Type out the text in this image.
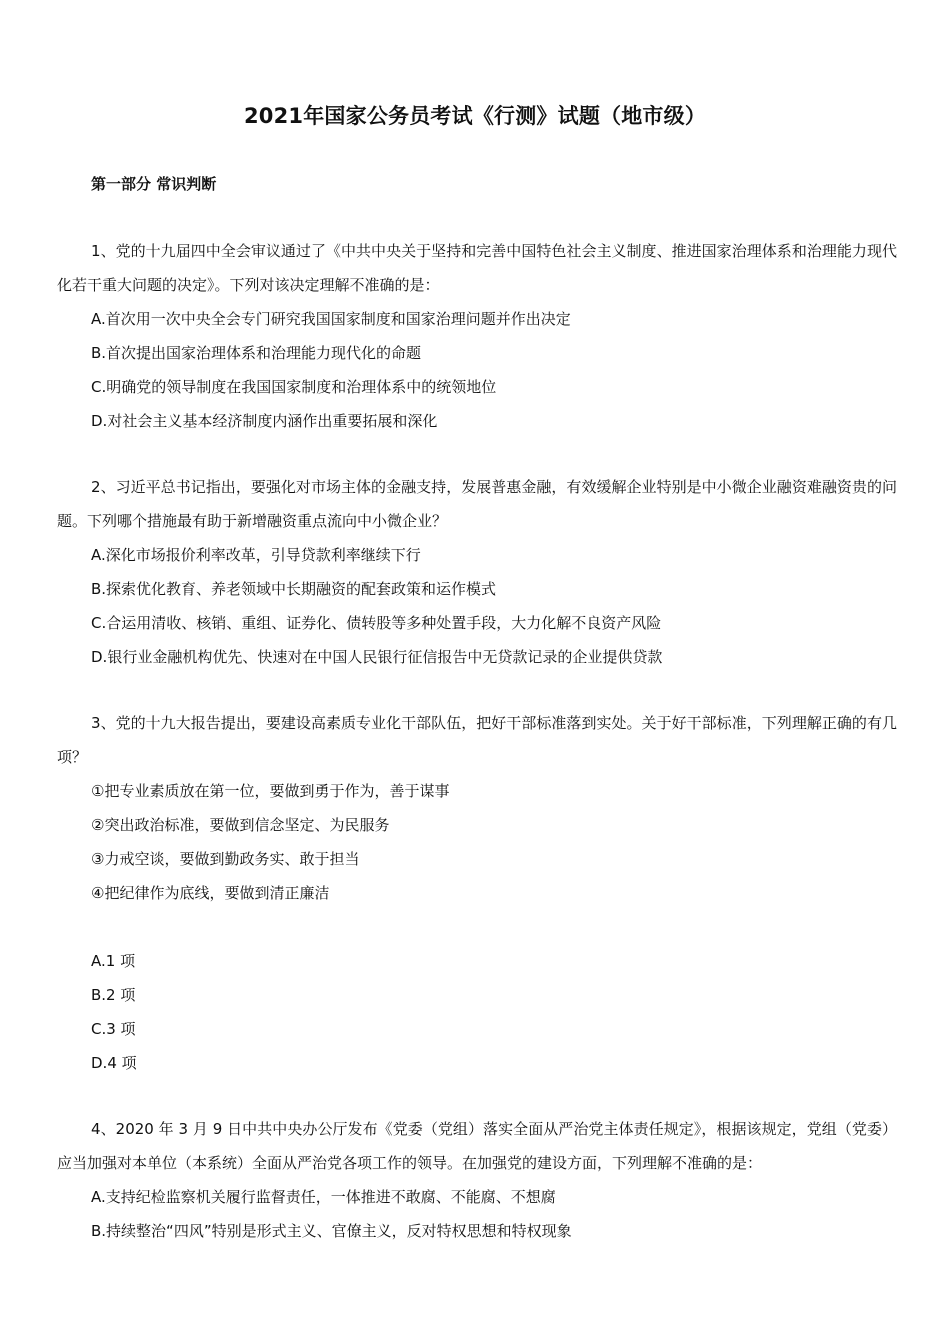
2021年国家公务员考试《行测》试题（地市级）
第一部分 常识判断

1、党的十九届四中全会审议通过了《中共中央关于坚持和完善中国特色社会主义制度、推进国家治理体系和治理能力现代化若干重大问题的决定》。下列对该决定理解不准确的是：

A.首次用一次中央全会专门研究我国国家制度和国家治理问题并作出决定

B.首次提出国家治理体系和治理能力现代化的命题

C.明确党的领导制度在我国国家制度和治理体系中的统领地位

D.对社会主义基本经济制度内涵作出重要拓展和深化

2、习近平总书记指出，要强化对市场主体的金融支持，发展普惠金融，有效缓解企业特别是中小微企业融资难融资贵的问题。下列哪个措施最有助于新增融资重点流向中小微企业？

A.深化市场报价利率改革，引导贷款利率继续下行

B.探索优化教育、养老领域中长期融资的配套政策和运作模式

C.合运用清收、核销、重组、证券化、债转股等多种处置手段，大力化解不良资产风险

D.银行业金融机构优先、快速对在中国人民银行征信报告中无贷款记录的企业提供贷款

3、党的十九大报告提出，要建设高素质专业化干部队伍，把好干部标准落到实处。关于好干部标准，下列理解正确的有几项？

①把专业素质放在第一位，要做到勇于作为，善于谋事

②突出政治标准，要做到信念坚定、为民服务

③力戒空谈，要做到勤政务实、敢于担当

④把纪律作为底线，要做到清正廉洁

A.1 项

B.2 项

C.3 项

D.4 项

4、2020 年 3 月 9 日中共中央办公厅发布《党委（党组）落实全面从严治党主体责任规定》，根据该规定，党组（党委）应当加强对本单位（本系统）全面从严治党各项工作的领导。在加强党的建设方面，下列理解不准确的是：

A.支持纪检监察机关履行监督责任，一体推进不敢腐、不能腐、不想腐

B.持续整治“四风”特别是形式主义、官僚主义，反对特权思想和特权现象
